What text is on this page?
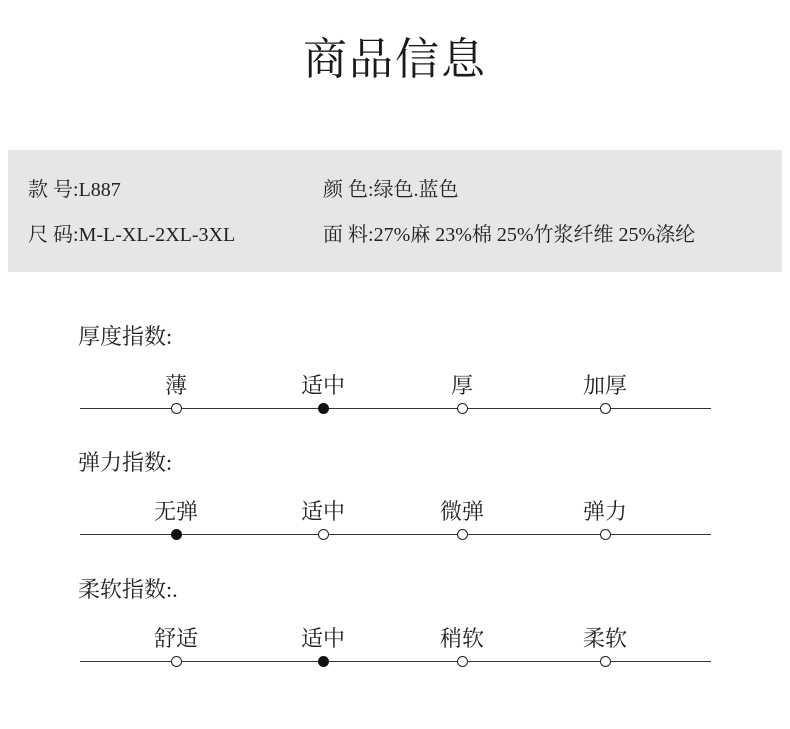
商品信息
款 号:L887	颜 色:绿色.蓝色
尺 码:M-L-XL-2XL-3XL	面 料:27%麻 23%棉 25%竹浆纤维 25%涤纶
厚度指数:
薄	适中	厚	加厚
弹力指数:
无弹	适中	微弹	弹力
柔软指数:.
舒适	适中	稍软	柔软
